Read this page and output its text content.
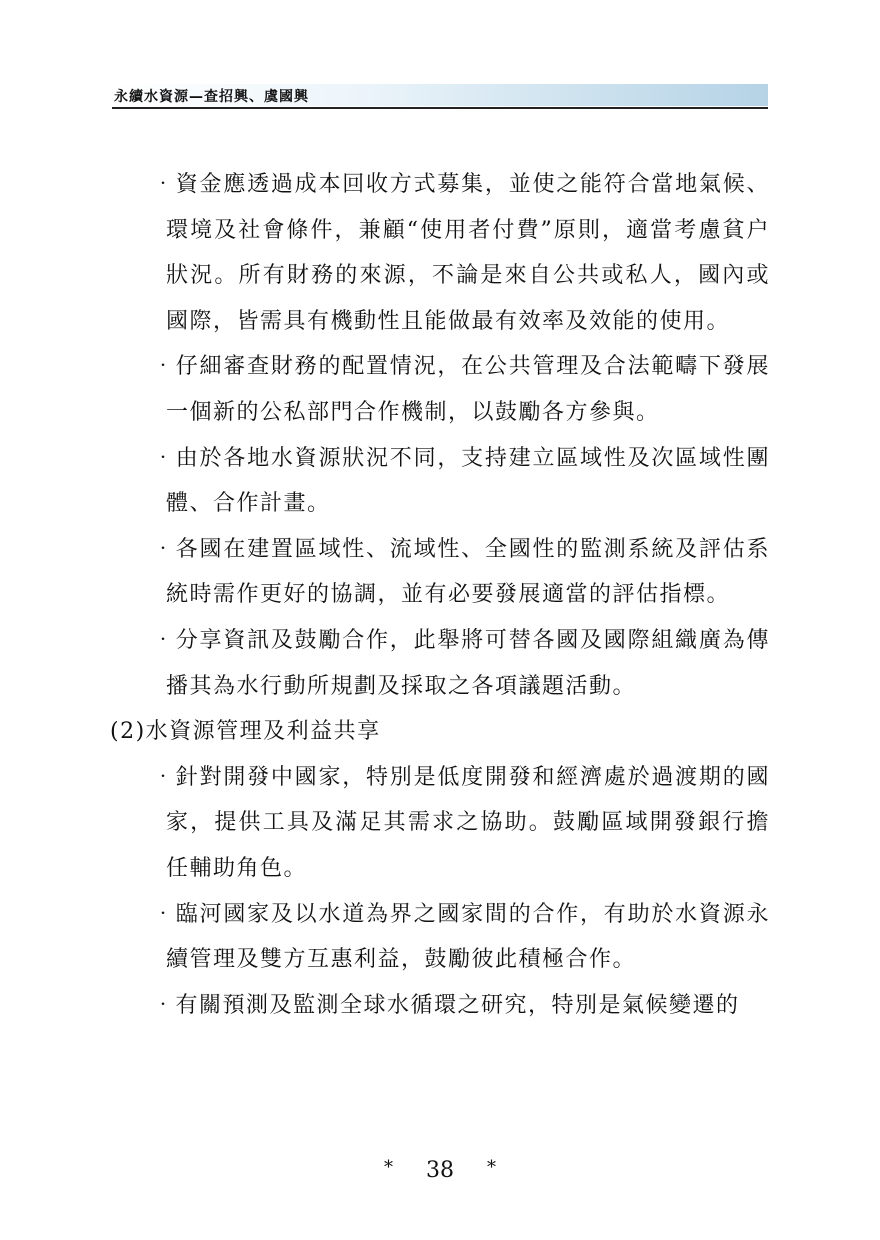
永續水資源—查招興、虞國興

‧資金應透過成本回收方式募集，並使之能符合當地氣候、環境及社會條件，兼顧“使用者付費”原則，適當考慮貧户狀況。所有財務的來源，不論是來自公共或私人，國內或國際，皆需具有機動性且能做最有效率及效能的使用。

‧仔細審查財務的配置情況，在公共管理及合法範疇下發展一個新的公私部門合作機制，以鼓勵各方參與。

‧由於各地水資源狀況不同，支持建立區域性及次區域性團體、合作計畫。

‧各國在建置區域性、流域性、全國性的監測系統及評估系統時需作更好的協調，並有必要發展適當的評估指標。

‧分享資訊及鼓勵合作，此舉將可替各國及國際組織廣為傳播其為水行動所規劃及採取之各項議題活動。

(2)水資源管理及利益共享

‧針對開發中國家，特別是低度開發和經濟處於過渡期的國家，提供工具及滿足其需求之協助。鼓勵區域開發銀行擔任輔助角色。

‧臨河國家及以水道為界之國家間的合作，有助於水資源永續管理及雙方互惠利益，鼓勵彼此積極合作。

‧有關預測及監測全球水循環之研究，特別是氣候變遷的

* 38 *
